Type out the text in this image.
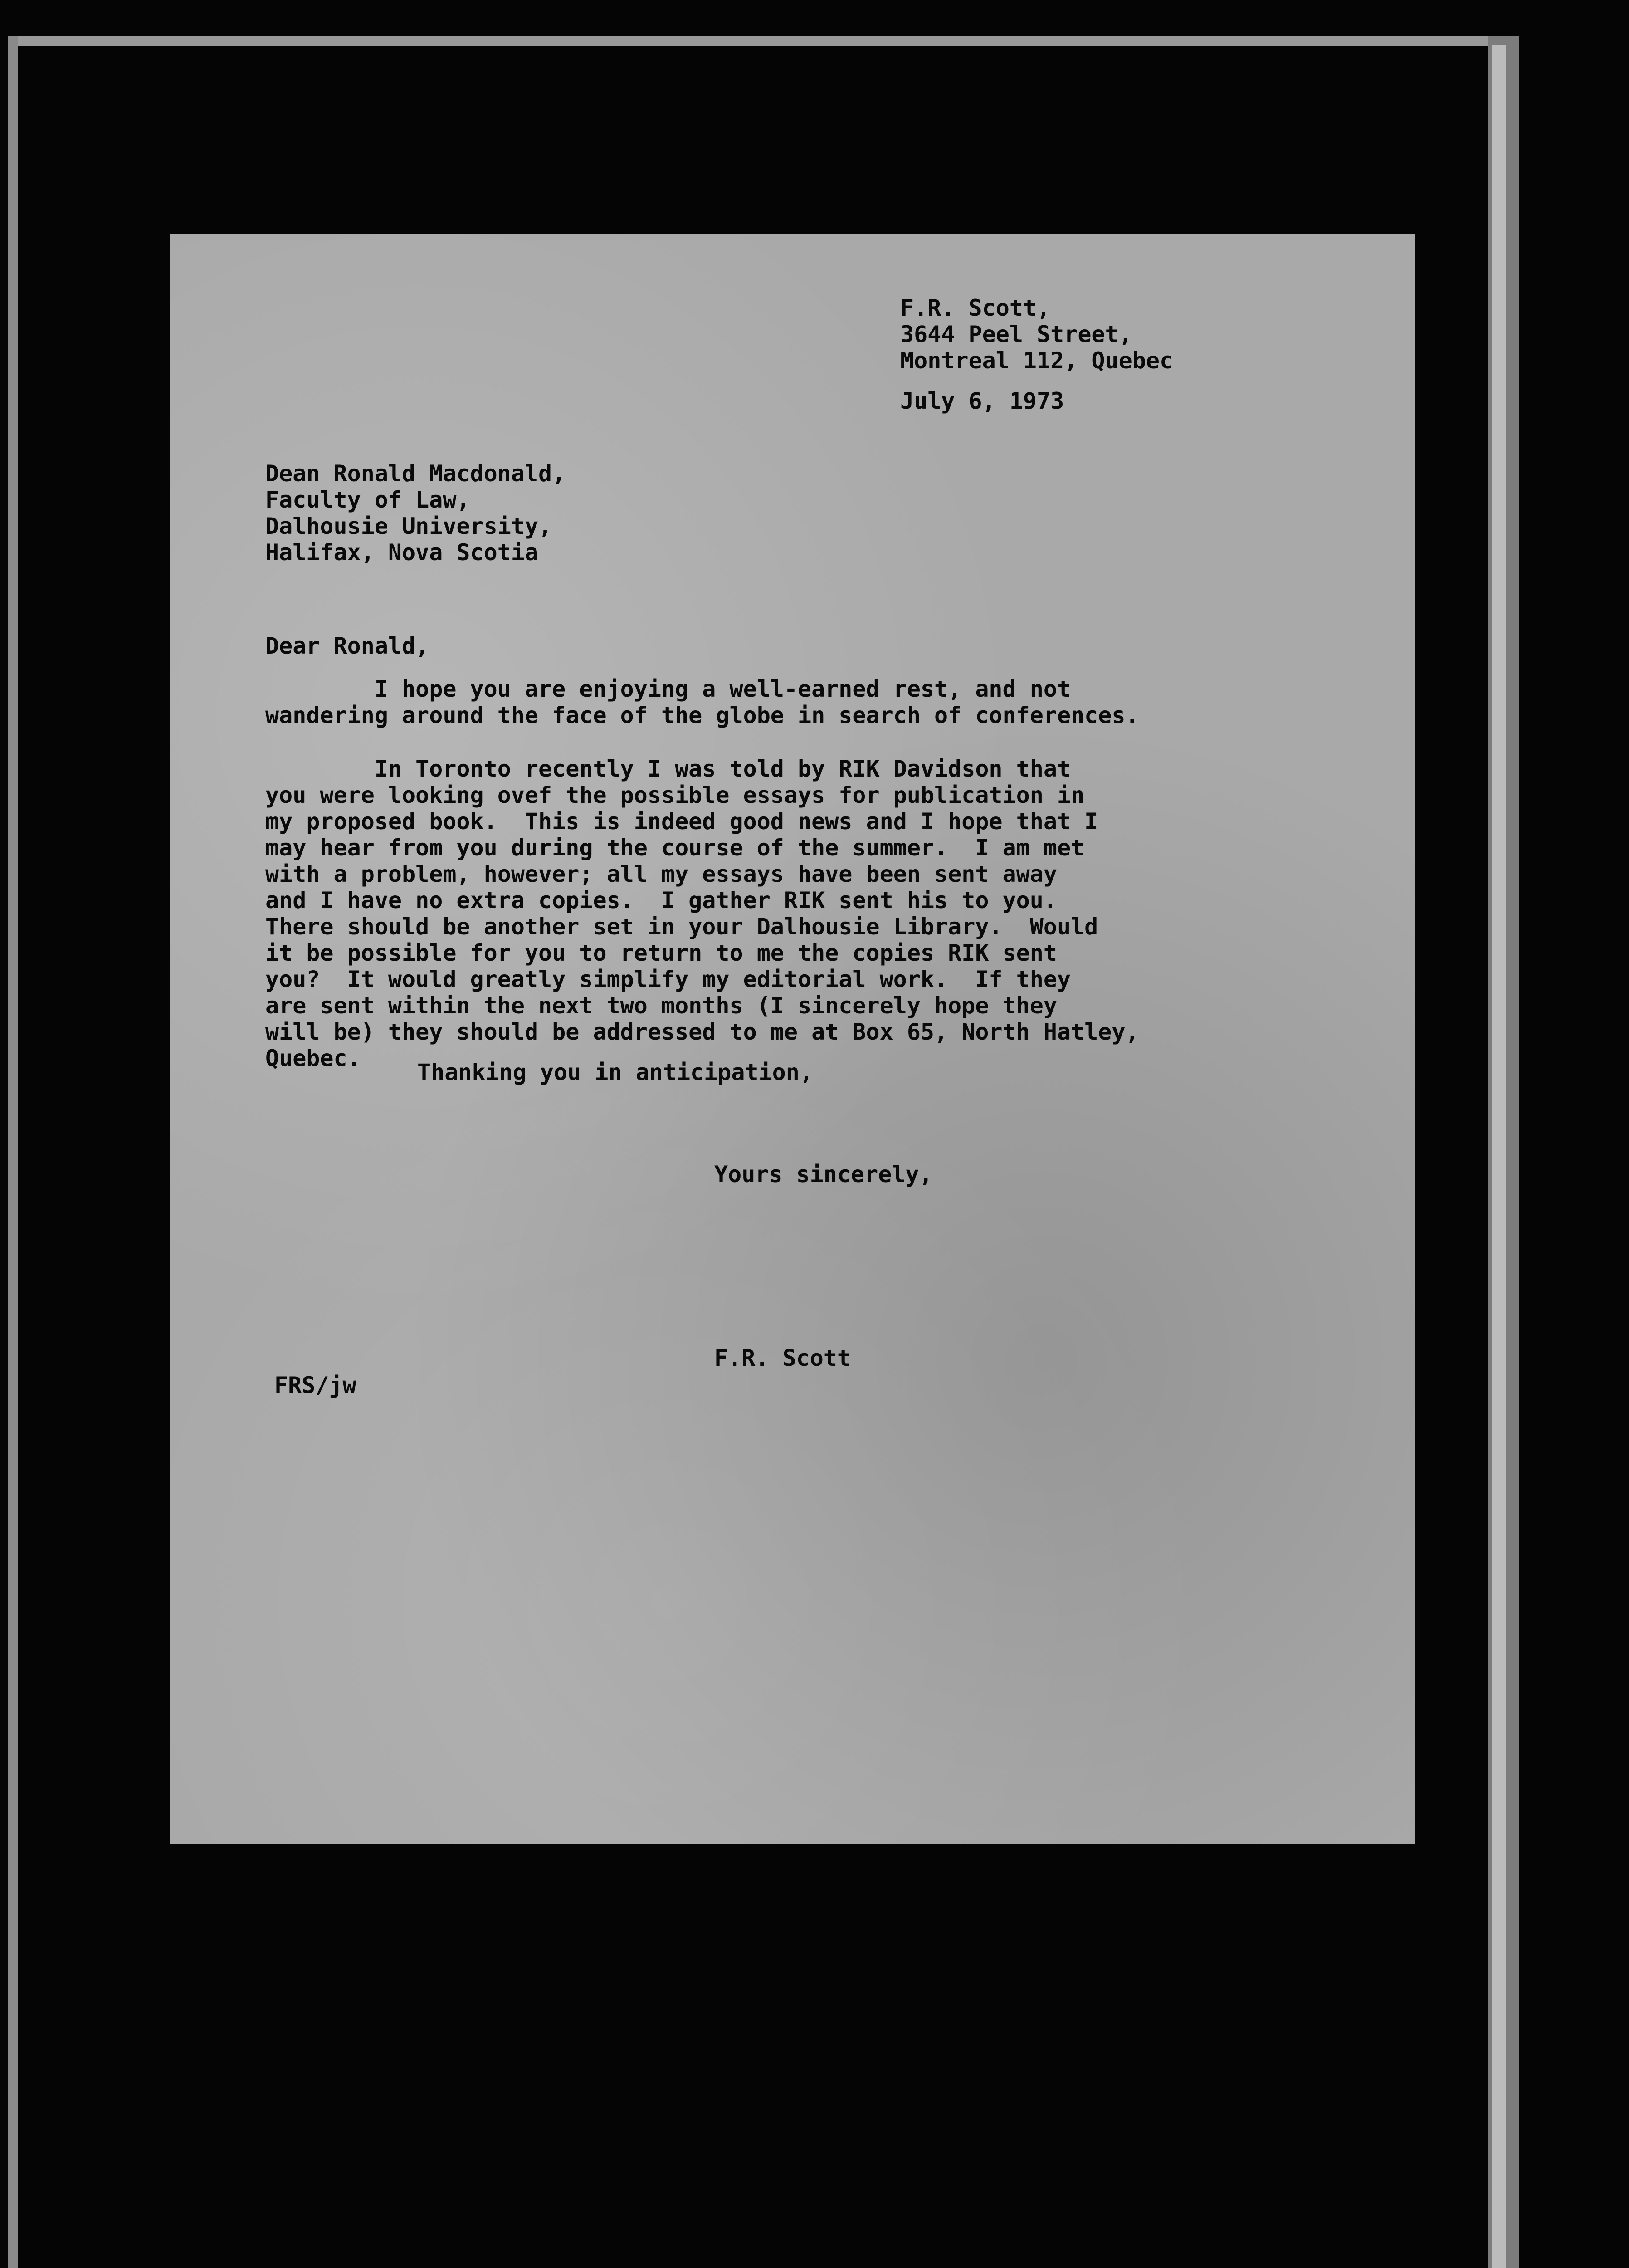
F.R. Scott,
3644 Peel Street,
Montreal 112, Quebec
July 6, 1973
Dean Ronald Macdonald,
Faculty of Law,
Dalhousie University,
Halifax, Nova Scotia
Dear Ronald,

I hope you are enjoying a well-earned rest, and not
wandering around the face of the globe in search of conferences.

In Toronto recently I was told by RIK Davidson that
you were looking ovef the possible essays for publication in
my proposed book.  This is indeed good news and I hope that I
may hear from you during the course of the summer.  I am met
with a problem, however; all my essays have been sent away
and I have no extra copies.  I gather RIK sent his to you.
There should be another set in your Dalhousie Library.  Would
it be possible for you to return to me the copies RIK sent
you?  It would greatly simplify my editorial work.  If they
are sent within the next two months (I sincerely hope they
will be) they should be addressed to me at Box 65, North Hatley,
Quebec.

Thanking you in anticipation,
Yours sincerely,
F.R. Scott
FRS/jw
